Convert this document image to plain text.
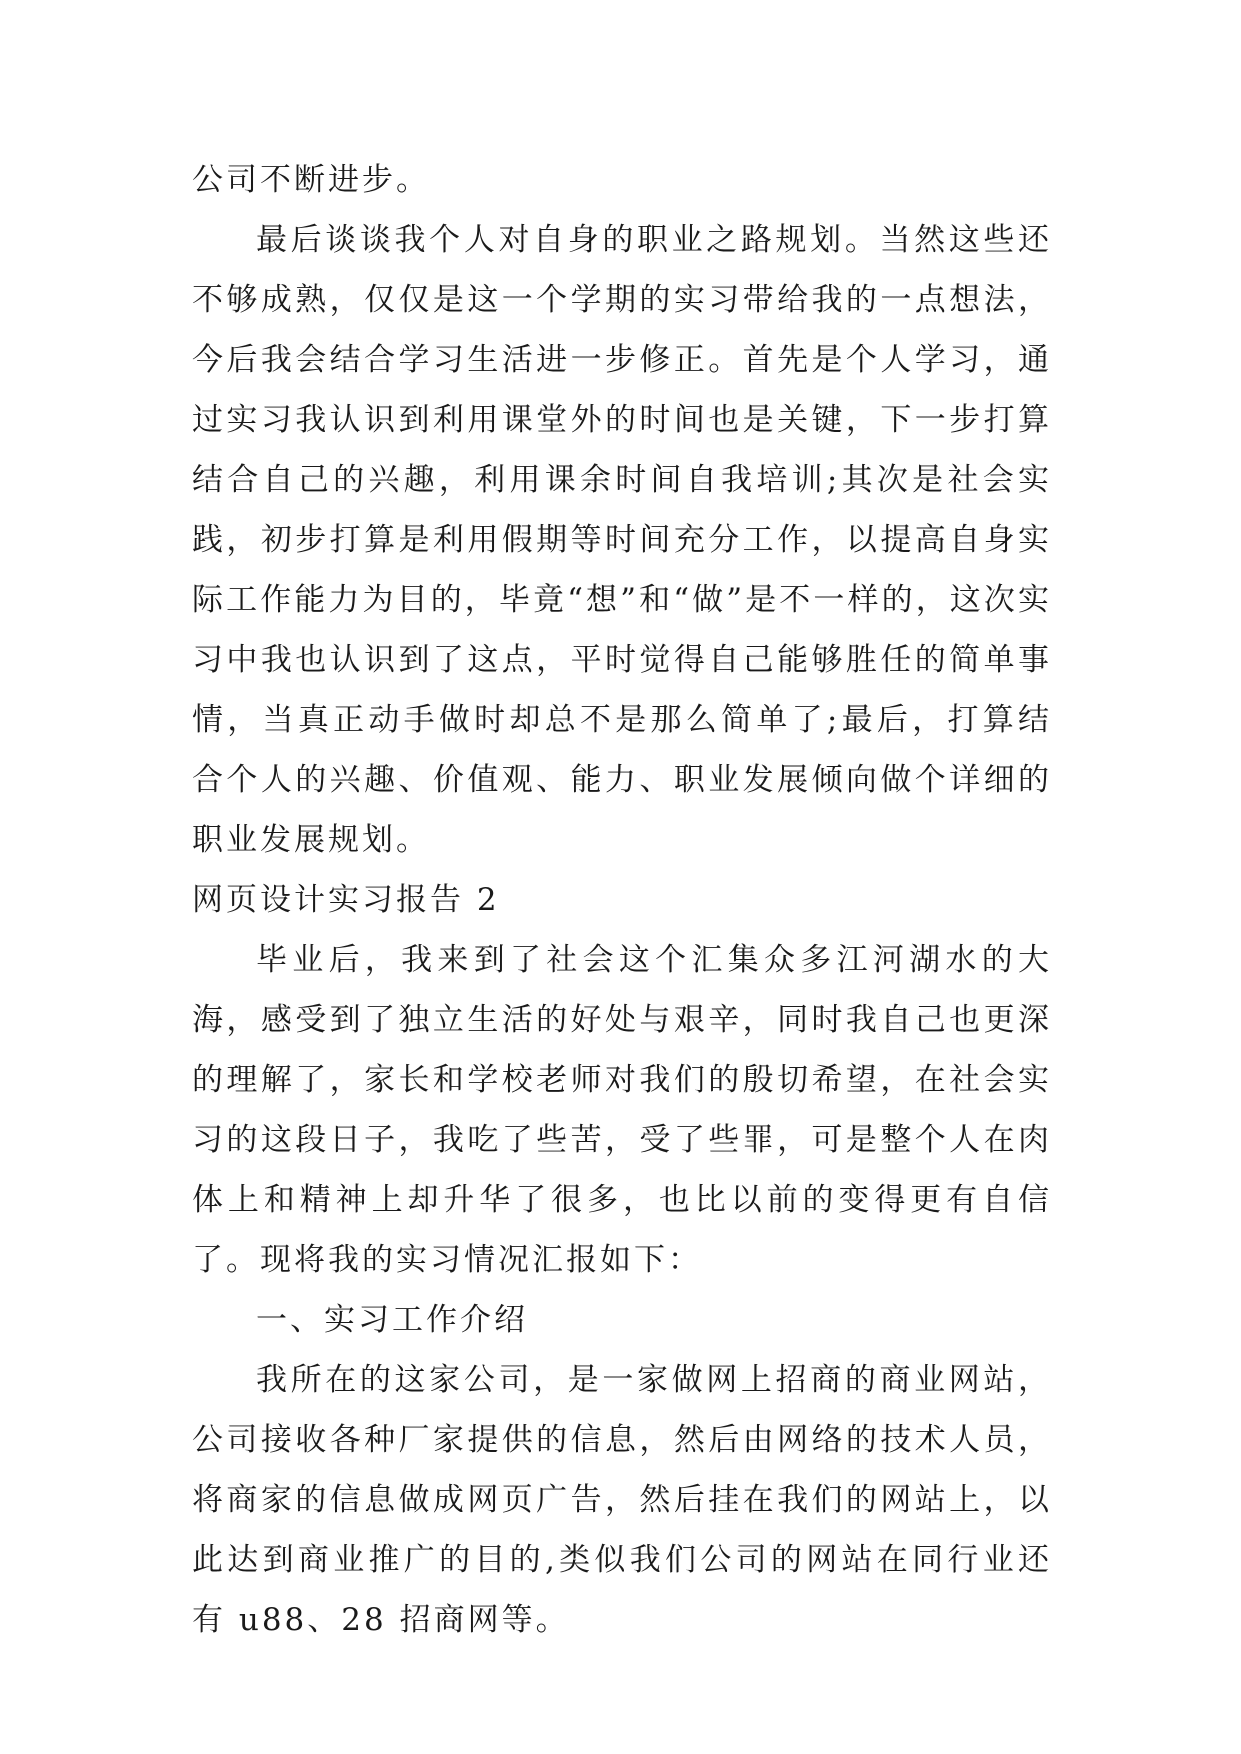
公司不断进步。

最后谈谈我个人对自身的职业之路规划。当然这些还不够成熟，仅仅是这一个学期的实习带给我的一点想法，今后我会结合学习生活进一步修正。首先是个人学习，通过实习我认识到利用课堂外的时间也是关键，下一步打算结合自己的兴趣，利用课余时间自我培训;其次是社会实践，初步打算是利用假期等时间充分工作，以提高自身实际工作能力为目的，毕竟“想”和“做”是不一样的，这次实习中我也认识到了这点，平时觉得自己能够胜任的简单事情，当真正动手做时却总不是那么简单了;最后，打算结合个人的兴趣、价值观、能力、职业发展倾向做个详细的职业发展规划。

网页设计实习报告 2

毕业后，我来到了社会这个汇集众多江河湖水的大海，感受到了独立生活的好处与艰辛，同时我自己也更深的理解了，家长和学校老师对我们的殷切希望，在社会实习的这段日子，我吃了些苦，受了些罪，可是整个人在肉体上和精神上却升华了很多，也比以前的变得更有自信了。现将我的实习情况汇报如下：

一、实习工作介绍

我所在的这家公司，是一家做网上招商的商业网站，公司接收各种厂家提供的信息，然后由网络的技术人员，将商家的信息做成网页广告，然后挂在我们的网站上，以此达到商业推广的目的,类似我们公司的网站在同行业还有 u88、28 招商网等。
